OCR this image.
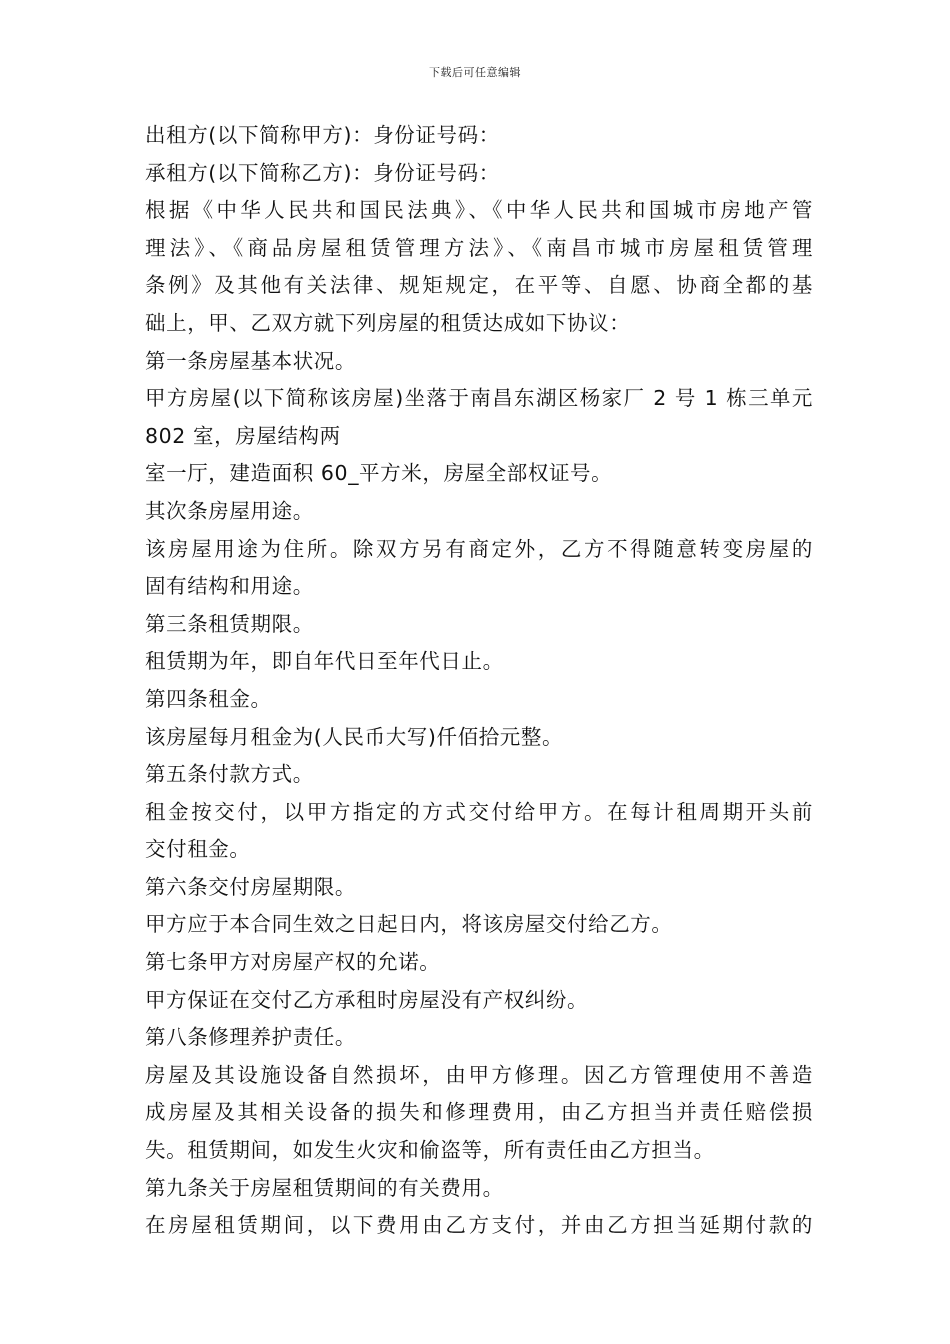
下载后可任意编辑

出租方(以下简称甲方)：身份证号码：

承租方(以下简称乙方)：身份证号码：

根据《中华人民共和国民法典》、《中华人民共和国城市房地产管

理法》、《商品房屋租赁管理方法》、《南昌市城市房屋租赁管理

条例》及其他有关法律、规矩规定，在平等、自愿、协商全都的基

础上，甲、乙双方就下列房屋的租赁达成如下协议：

第一条房屋基本状况。

甲方房屋(以下简称该房屋)坐落于南昌东湖区杨家厂 2 号 1 栋三单元

802 室，房屋结构两

室一厅，建造面积 60_平方米，房屋全部权证号。

其次条房屋用途。

该房屋用途为住所。除双方另有商定外，乙方不得随意转变房屋的

固有结构和用途。

第三条租赁期限。

租赁期为年，即自年代日至年代日止。

第四条租金。

该房屋每月租金为(人民币大写)仟佰拾元整。

第五条付款方式。

租金按交付，以甲方指定的方式交付给甲方。在每计租周期开头前

交付租金。

第六条交付房屋期限。

甲方应于本合同生效之日起日内，将该房屋交付给乙方。

第七条甲方对房屋产权的允诺。

甲方保证在交付乙方承租时房屋没有产权纠纷。

第八条修理养护责任。

房屋及其设施设备自然损坏，由甲方修理。因乙方管理使用不善造

成房屋及其相关设备的损失和修理费用，由乙方担当并责任赔偿损

失。租赁期间，如发生火灾和偷盗等，所有责任由乙方担当。

第九条关于房屋租赁期间的有关费用。

在房屋租赁期间，以下费用由乙方支付，并由乙方担当延期付款的
